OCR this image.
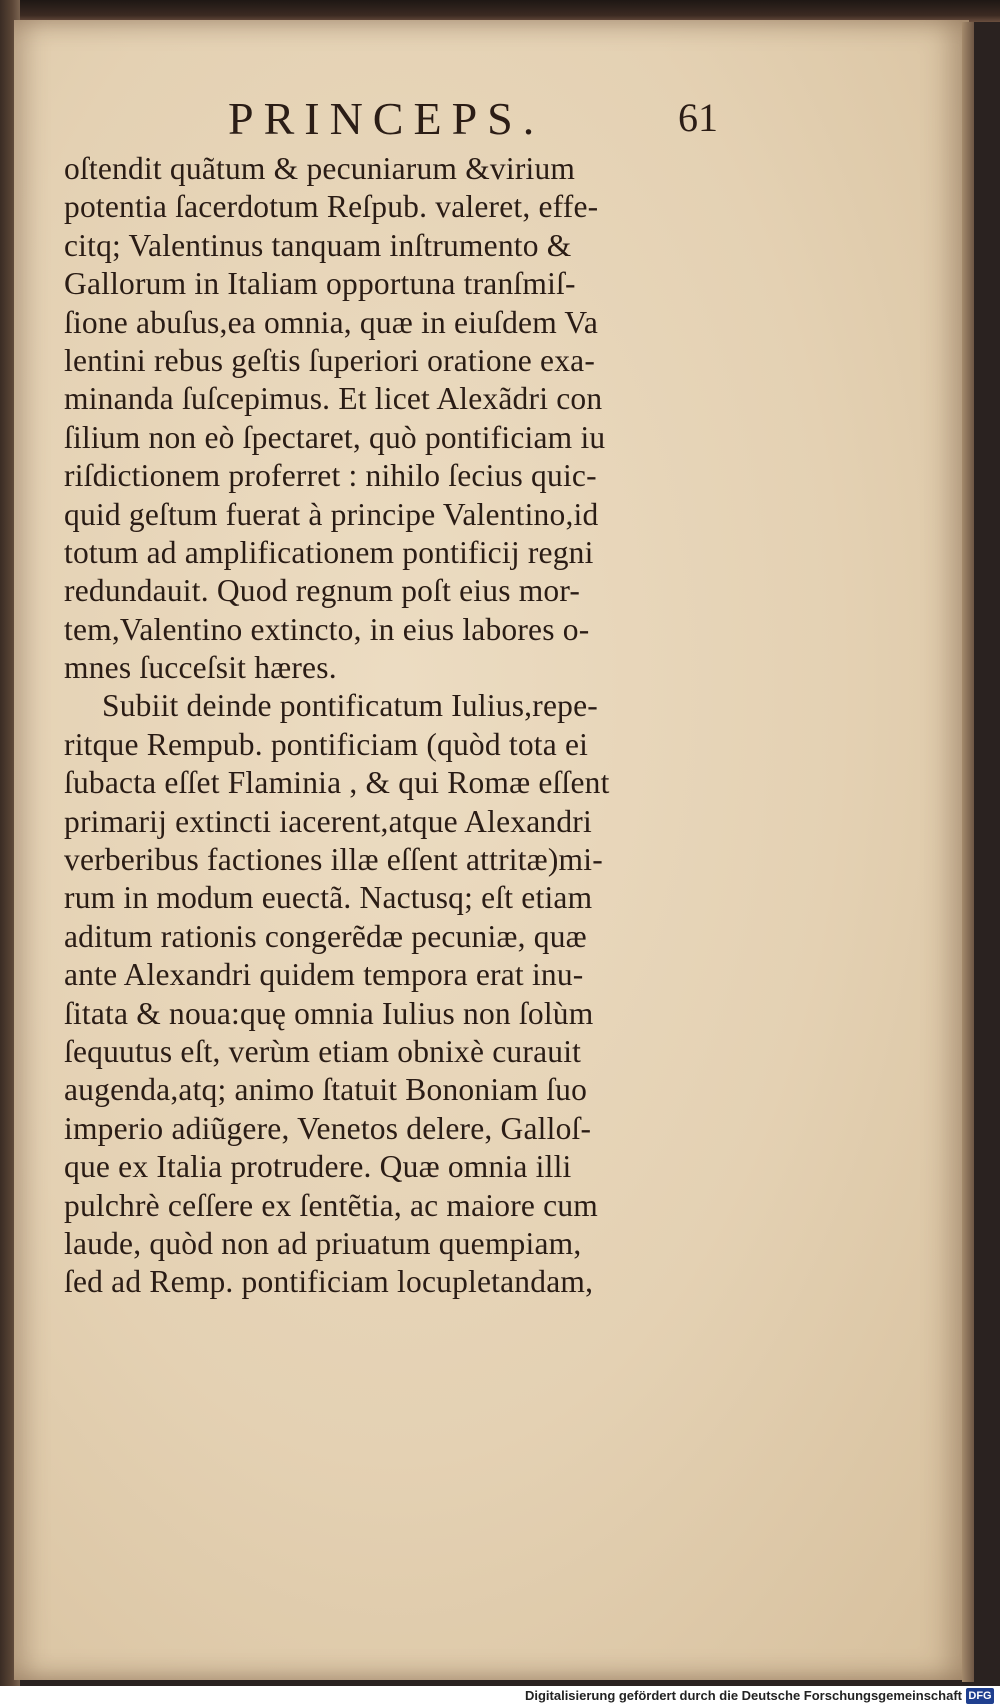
PRINCEPS.	61
oſtendit quãtum & pecuniarum &virium
potentia ſacerdotum Reſpub. valeret, effe-
citq; Valentinus tanquam inſtrumento &
Gallorum in Italiam opportuna tranſmiſ-
ſione abuſus,ea omnia, quæ in eiuſdem Va
lentini rebus geſtis ſuperiori oratione exa-
minanda ſuſcepimus. Et licet Alexãdri con
ſilium non eò ſpectaret, quò pontificiam iu
riſdictionem proferret : nihilo ſecius quic-
quid geſtum fuerat à principe Valentino,id
totum ad amplificationem pontificij regni
redundauit. Quod regnum poſt eius mor-
tem,Valentino extincto, in eius labores o-
mnes ſucceſsit hæres.
Subiit deinde pontificatum Iulius,repe-
ritque Rempub. pontificiam (quòd tota ei
ſubacta eſſet Flaminia , & qui Romæ eſſent
primarij extincti iacerent,atque Alexandri
verberibus factiones illæ eſſent attritæ)mi-
rum in modum euectã. Nactusq; eſt etiam
aditum rationis congerẽdæ pecuniæ, quæ
ante Alexandri quidem tempora erat inu-
ſitata & noua:quę omnia Iulius non ſolùm
ſequutus eſt, verùm etiam obnixè curauit
augenda,atq; animo ſtatuit Bononiam ſuo
imperio adiũgere, Venetos delere, Galloſ-
que ex Italia protrudere. Quæ omnia illi
pulchrè ceſſere ex ſentẽtia, ac maiore cum
laude, quòd non ad priuatum quempiam,
ſed ad Remp. pontificiam locupletandam,
Digitalisierung gefördert durch die Deutsche Forschungsgemeinschaft DFG
